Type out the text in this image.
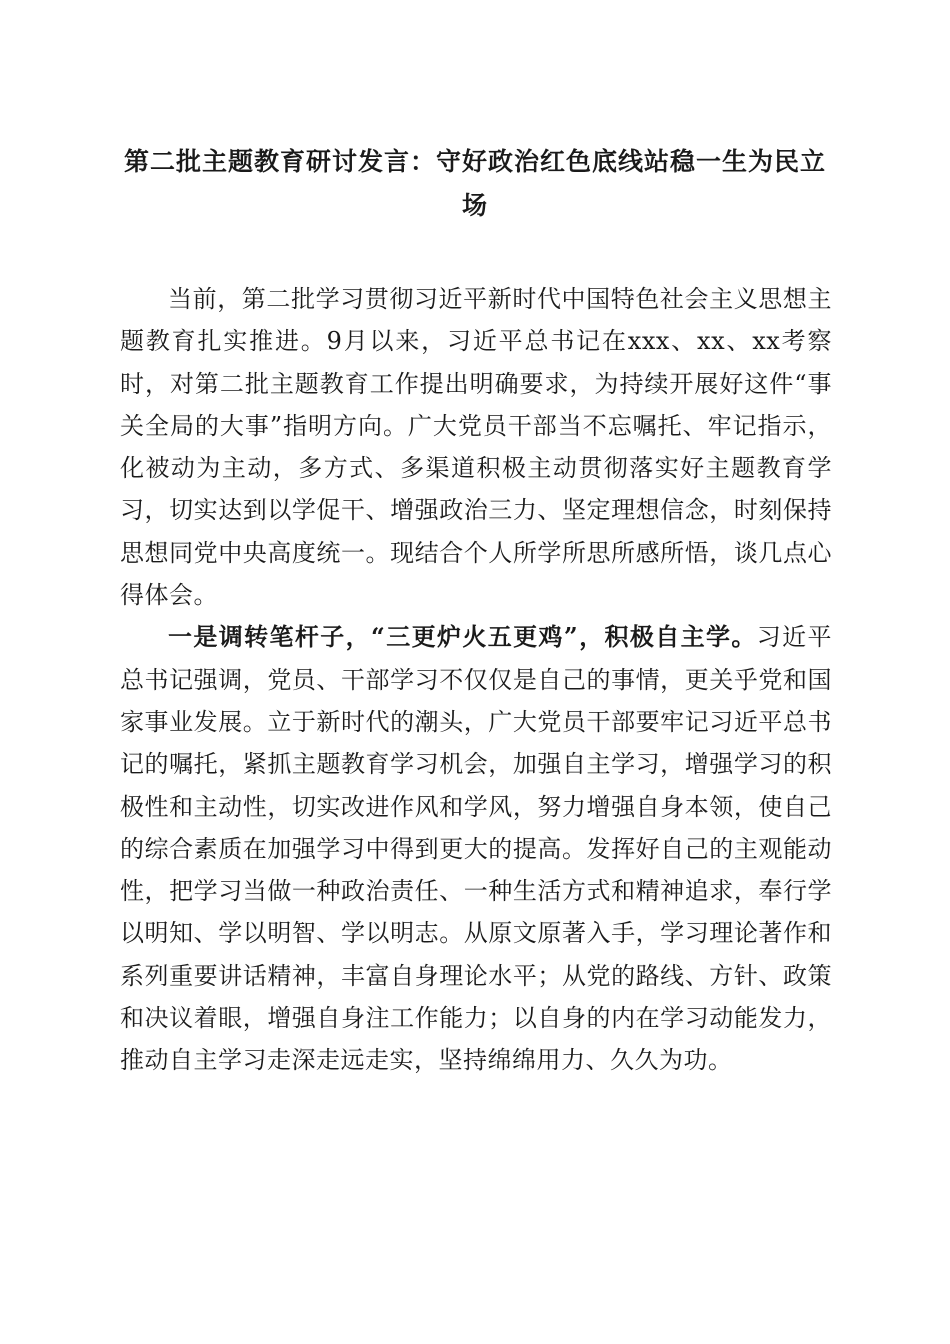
第二批主题教育研讨发言：守好政治红色底线站稳一生为民立场

当前，第二批学习贯彻习近平新时代中国特色社会主义思想主题教育扎实推进。9月以来，习近平总书记在xxx、xx、xx考察时，对第二批主题教育工作提出明确要求，为持续开展好这件“事关全局的大事”指明方向。广大党员干部当不忘嘱托、牢记指示，化被动为主动，多方式、多渠道积极主动贯彻落实好主题教育学习，切实达到以学促干、增强政治三力、坚定理想信念，时刻保持思想同党中央高度统一。现结合个人所学所思所感所悟，谈几点心得体会。

一是调转笔杆子，“三更炉火五更鸡”，积极自主学。习近平总书记强调，党员、干部学习不仅仅是自己的事情，更关乎党和国家事业发展。立于新时代的潮头，广大党员干部要牢记习近平总书记的嘱托，紧抓主题教育学习机会，加强自主学习，增强学习的积极性和主动性，切实改进作风和学风，努力增强自身本领，使自己的综合素质在加强学习中得到更大的提高。发挥好自己的主观能动性，把学习当做一种政治责任、一种生活方式和精神追求，奉行学以明知、学以明智、学以明志。从原文原著入手，学习理论著作和系列重要讲话精神，丰富自身理论水平；从党的路线、方针、政策和决议着眼，增强自身注工作能力；以自身的内在学习动能发力，推动自主学习走深走远走实，坚持绵绵用力、久久为功。
